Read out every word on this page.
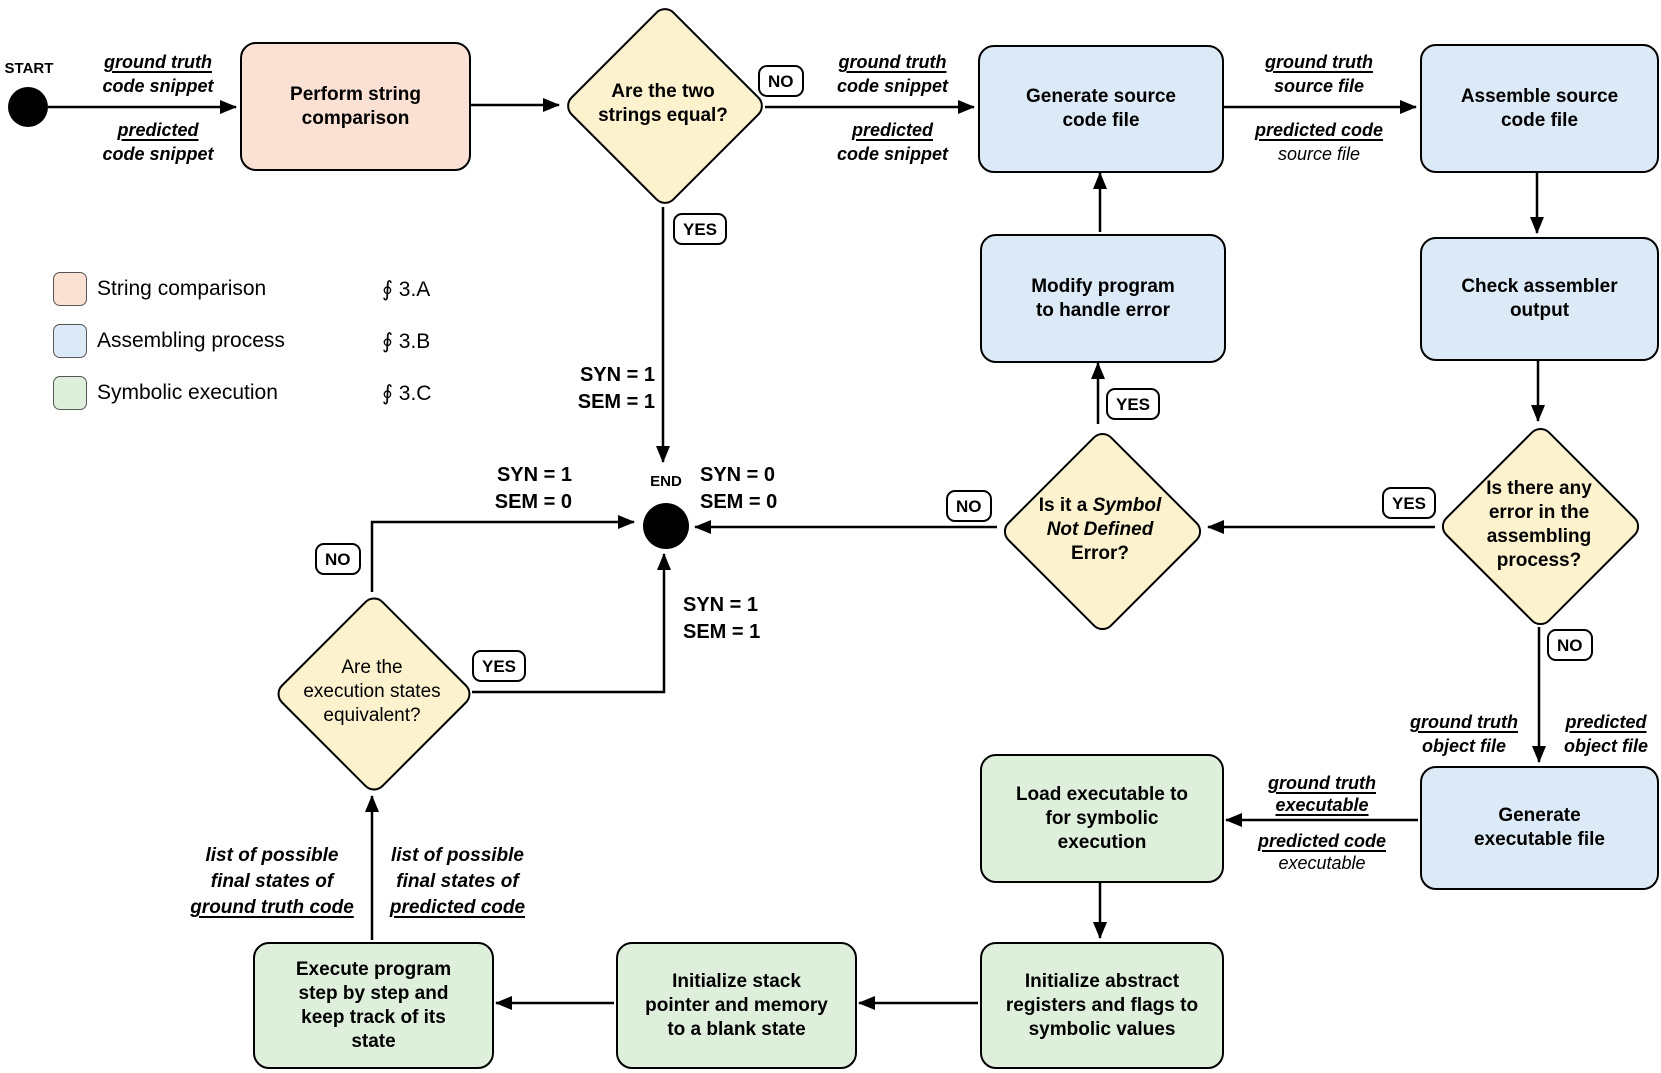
START
END
Perform string
comparison
Generate source
code file
Assemble source
code file
Check assembler
output
Modify program
to handle error
Generate
executable file
Load executable to
for symbolic
execution
Initialize abstract
registers and flags to
symbolic values
Initialize stack
pointer and memory
to a blank state
Execute program
step by step and
keep track of its
state
Are the two
strings equal?
Is there any
error in the
assembling
process?
Is it a Symbol
Not Defined
Error?
Are the
execution states
equivalent?
NO
YES
YES
NO
YES
NO
NO
YES
ground truth
code snippet
predicted
code snippet
ground truth
code snippet
predicted
code snippet
ground truth
source file
predicted code
source file
ground truth
object file
predicted
object file
ground truth
executable
predicted code
executable
list of possible
final states of
ground truth code
list of possible
final states of
predicted code
SYN = 1
SEM = 1
SYN = 1
SEM = 0
SYN = 0
SEM = 0
SYN = 1
SEM = 1
String comparison	∮ 3.A
Assembling process	∮ 3.B
Symbolic execution	∮ 3.C
